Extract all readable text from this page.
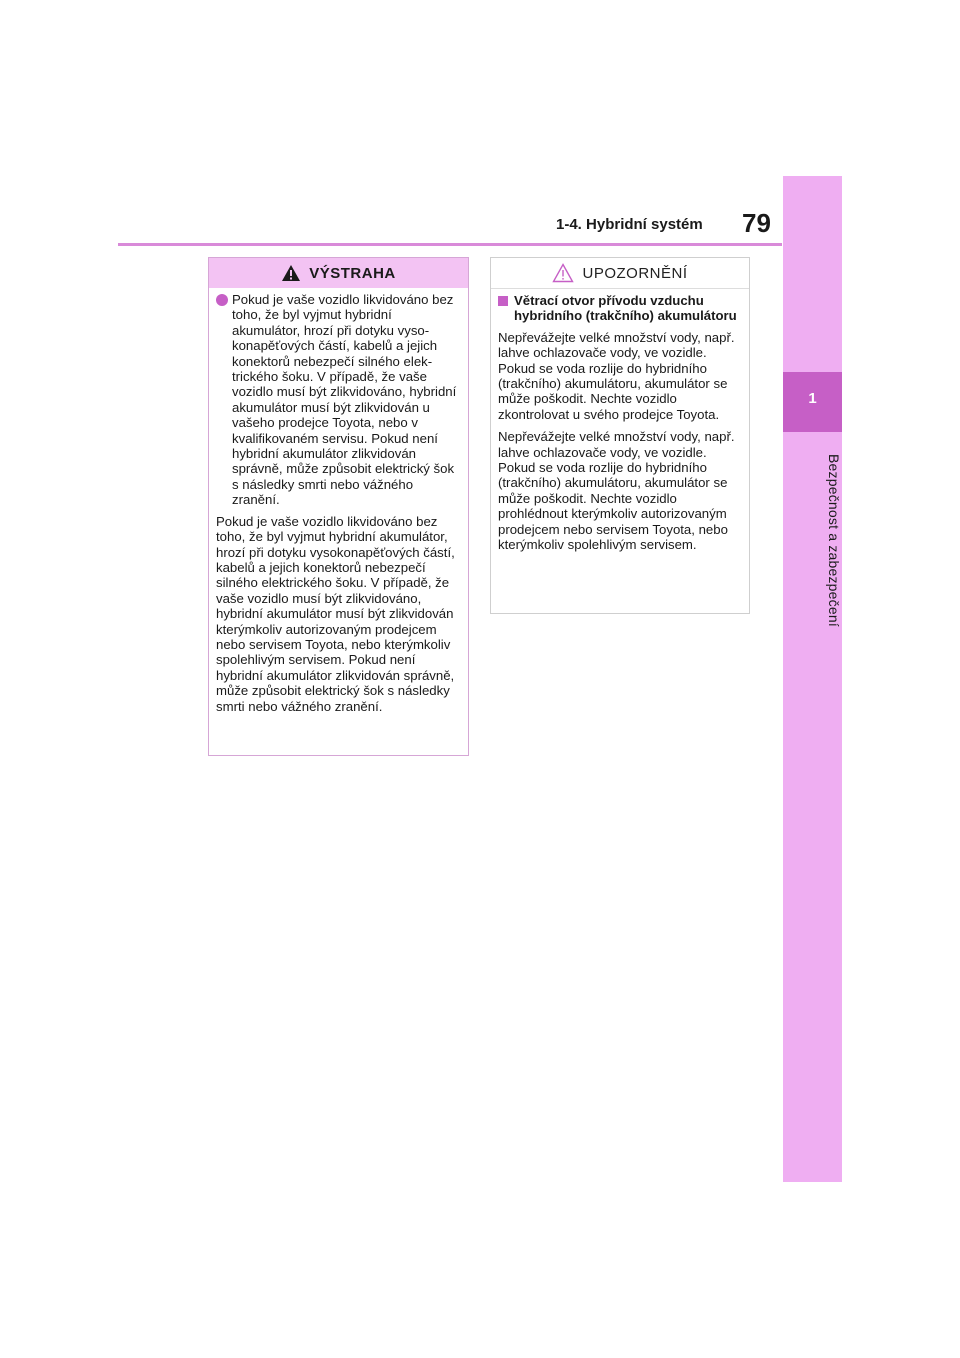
1
Bezpečnost a zabezpečení
1-4. Hybridní systém 79
VÝSTRAHA
Pokud je vaše vozidlo likvidováno bez toho, že byl vyjmut hybridní akumulátor, hrozí při dotyku vysokonapěťových částí, kabelů a jejich konektorů nebezpečí silného elektrického šoku. V případě, že vaše vozidlo musí být zlikvidováno, hybridní akumulátor musí být zlikvidován u vašeho prodejce Toyota, nebo v kvalifikovaném servisu. Pokud není hybridní akumulátor zlikvidován správně, může způsobit elektrický šok s následky smrti nebo vážného zranění.

Pokud je vaše vozidlo likvidováno bez toho, že byl vyjmut hybridní akumulátor, hrozí při dotyku vysokonapěťových částí, kabelů a jejich konektorů nebezpečí silného elektrického šoku. V případě, že vaše vozidlo musí být zlikvidováno, hybridní akumulátor musí být zlikvidován kterýmkoliv autorizovaným prodejcem nebo servisem Toyota, nebo kterýmkoliv spolehlivým servisem. Pokud není hybridní akumulátor zlikvidován správně, může způsobit elektrický šok s následky smrti nebo vážného zranění.

UPOZORNĚNÍ
Větrací otvor přívodu vzduchu hybridního (trakčního) akumulátoru

Nepřevážejte velké množství vody, např. lahve ochlazovače vody, ve vozidle. Pokud se voda rozlije do hybridního (trakčního) akumulátoru, akumulátor se může poškodit. Nechte vozidlo zkontrolovat u svého prodejce Toyota.

Nepřevážejte velké množství vody, např. lahve ochlazovače vody, ve vozidle. Pokud se voda rozlije do hybridního (trakčního) akumulátoru, akumulátor se může poškodit. Nechte vozidlo prohlédnout kterýmkoliv autorizovaným prodejcem nebo servisem Toyota, nebo kterýmkoliv spolehlivým servisem.
